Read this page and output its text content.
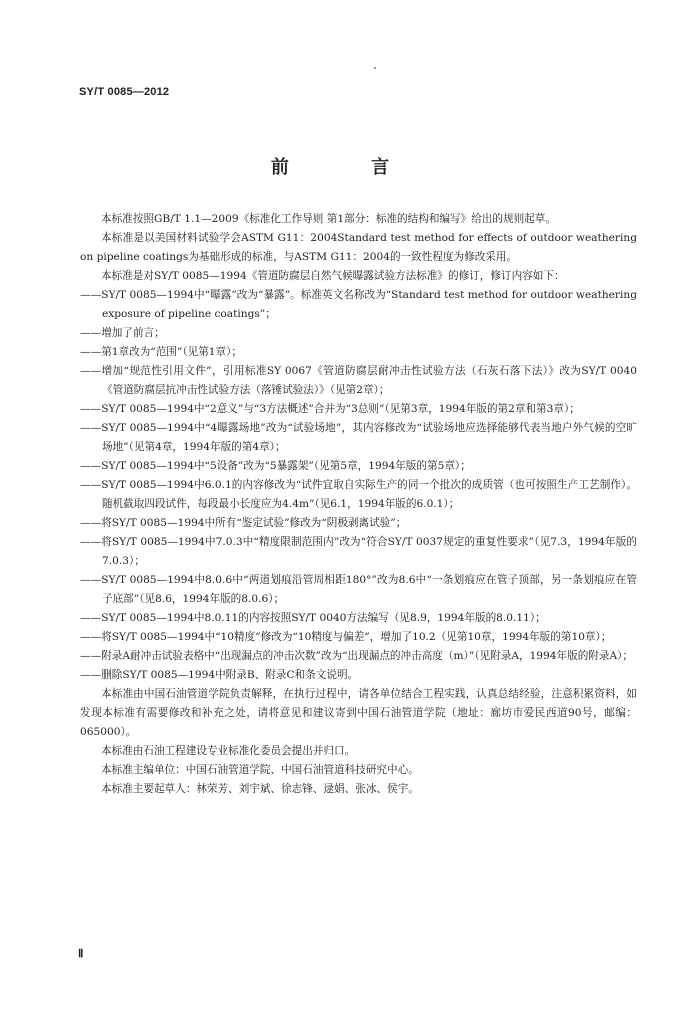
SY/T 0085—2012
前 言

本标准按照GB/T 1.1—2009《标准化工作导则 第1部分：标准的结构和编写》给出的规则起草。

本标准是以美国材料试验学会ASTM G11：2004Standard test method for effects of outdoor weathering on pipeline coatings为基础形成的标准，与ASTM G11：2004的一致性程度为修改采用。

本标准是对SY/T 0085—1994《管道防腐层自然气候曝露试验方法标准》的修订，修订内容如下：

——SY/T 0085—1994中“曝露”改为“暴露”。标准英文名称改为“Standard test method for outdoor weathering exposure of pipeline coatings”；

——增加了前言；

——第1章改为“范围”（见第1章）；

——增加“规范性引用文件”，引用标准SY 0067《管道防腐层耐冲击性试验方法（石灰石落下法）》改为SY/T 0040《管道防腐层抗冲击性试验方法（落锤试验法）》（见第2章）；

——SY/T 0085—1994中“2意义”与“3方法概述”合并为“3总则”（见第3章，1994年版的第2章和第3章）；

——SY/T 0085—1994中“4曝露场地”改为“试验场地”，其内容修改为“试验场地应选择能够代表当地户外气候的空旷场地”（见第4章，1994年版的第4章）；

——SY/T 0085—1994中“5设备”改为“5暴露架”（见第5章，1994年版的第5章）；

——SY/T 0085—1994中6.0.1的内容修改为“试件宜取自实际生产的同一个批次的成质管（也可按照生产工艺制作）。随机截取四段试件，每段最小长度应为4.4m”（见6.1，1994年版的6.0.1）；

——将SY/T 0085—1994中所有“鉴定试验”修改为“阴极剥离试验”；

——将SY/T 0085—1994中7.0.3中“精度限制范围内”改为“符合SY/T 0037规定的重复性要求”（见7.3，1994年版的7.0.3）；

——SY/T 0085—1994中8.0.6中“两道划痕沿管周相距180°”改为8.6中“一条划痕应在管子顶部，另一条划痕应在管子底部”（见8.6，1994年版的8.0.6）；

——SY/T 0085—1994中8.0.11的内容按照SY/T 0040方法编写（见8.9，1994年版的8.0.11）；

——将SY/T 0085—1994中“10精度”修改为“10精度与偏差”，增加了10.2（见第10章，1994年版的第10章）；

——附录A耐冲击试验表格中“出现漏点的冲击次数”改为“出现漏点的冲击高度（m）”（见附录A，1994年版的附录A）；

——删除SY/T 0085—1994中附录B、附录C和条文说明。

本标准由中国石油管道学院负责解释，在执行过程中，请各单位结合工程实践，认真总结经验，注意积累资料，如发现本标准有需要修改和补充之处，请将意见和建议寄到中国石油管道学院（地址：廊坊市爱民西道90号，邮编：065000）。

本标准由石油工程建设专业标准化委员会提出并归口。

本标准主编单位：中国石油管道学院、中国石油管道科技研究中心。

本标准主要起草人：林荣芳、刘宇斌、徐志锋、逯娟、张冰、侯宇。

Ⅱ
